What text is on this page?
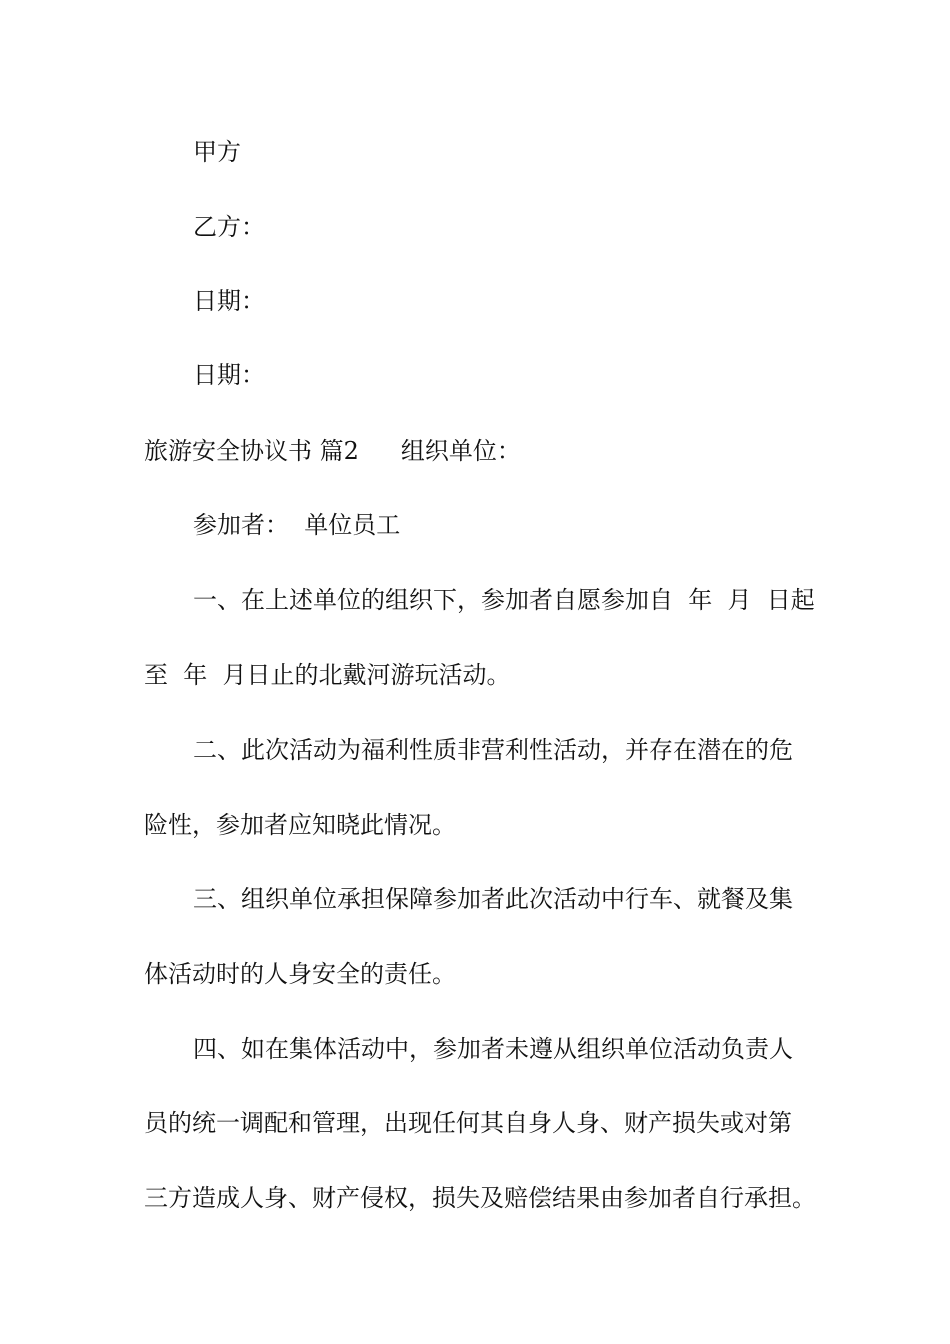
甲方
乙方：
日期：
日期：
旅游安全协议书 篇2 组织单位：
参加者：  单位员工
一、在上述单位的组织下，参加者自愿参加自  年  月  日起
至  年  月日止的北戴河游玩活动。
二、此次活动为福利性质非营利性活动，并存在潜在的危
险性，参加者应知晓此情况。
三、组织单位承担保障参加者此次活动中行车、就餐及集
体活动时的人身安全的责任。
四、如在集体活动中，参加者未遵从组织单位活动负责人
员的统一调配和管理，出现任何其自身人身、财产损失或对第
三方造成人身、财产侵权，损失及赔偿结果由参加者自行承担。
